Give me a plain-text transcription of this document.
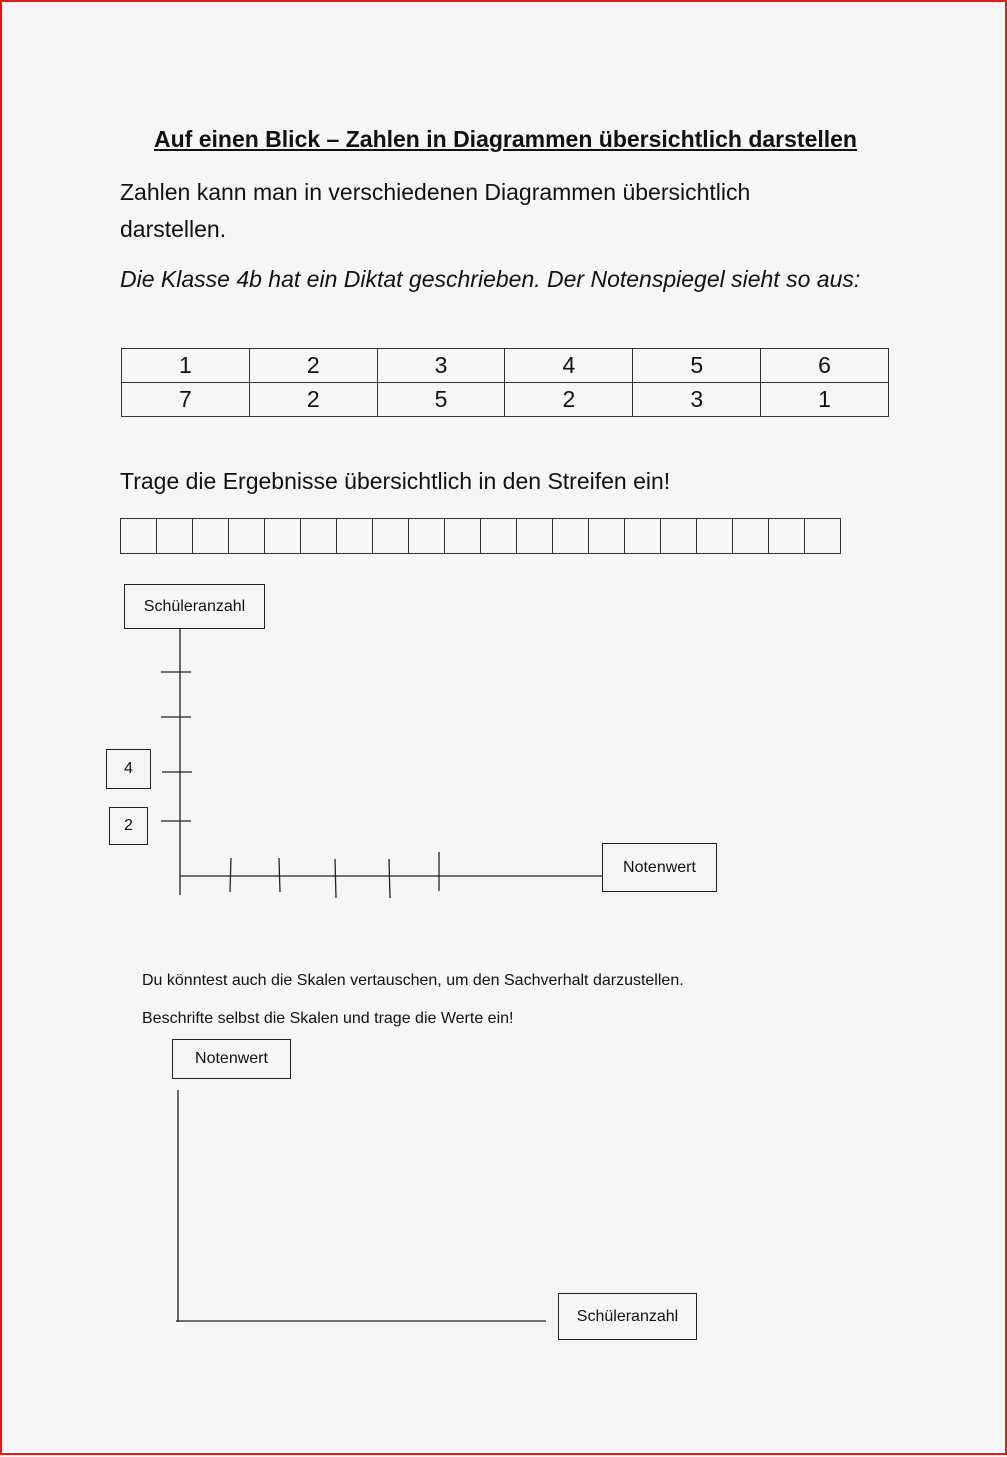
Auf einen Blick – Zahlen in Diagrammen übersichtlich darstellen
Zahlen kann man in verschiedenen Diagrammen übersichtlich darstellen.
Die Klasse 4b hat ein Diktat geschrieben. Der Notenspiegel sieht so aus:
1	2	3	4	5	6
7	2	5	2	3	1
Trage die Ergebnisse übersichtlich in den Streifen ein!
Schüleranzahl
4
2
Notenwert
Du könntest auch die Skalen vertauschen, um den Sachverhalt darzustellen.
Beschrifte selbst die Skalen und trage die Werte ein!
Notenwert
Schüleranzahl
